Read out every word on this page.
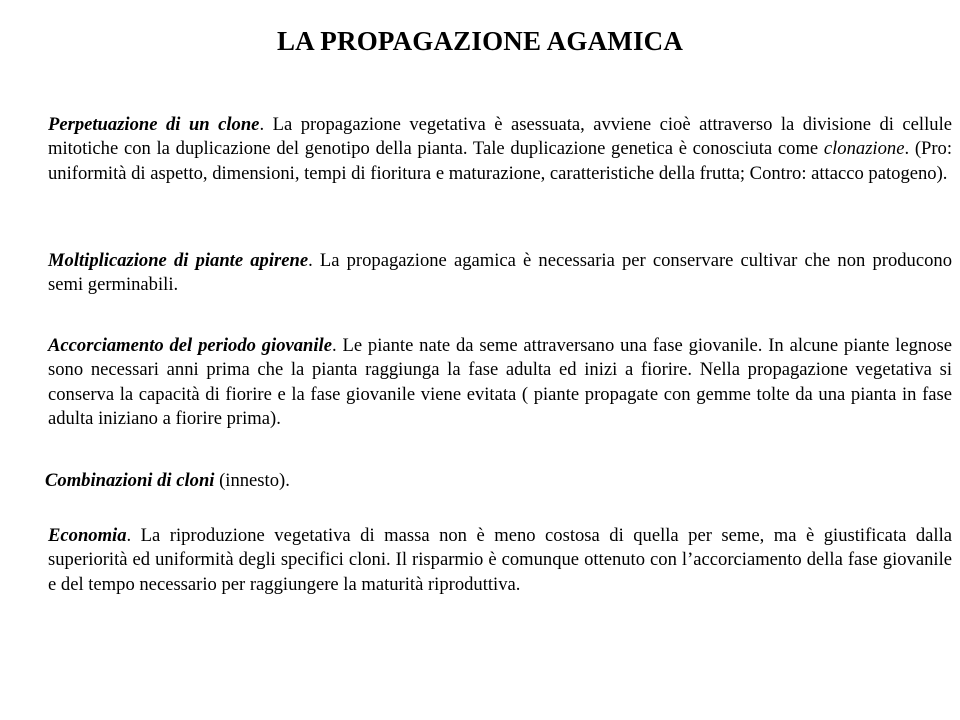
LA PROPAGAZIONE AGAMICA
Perpetuazione di un clone. La propagazione vegetativa è asessuata, avviene cioè attraverso la divisione di cellule mitotiche con la duplicazione del genotipo della pianta. Tale duplicazione genetica è conosciuta come clonazione. (Pro: uniformità di aspetto, dimensioni, tempi di fioritura e maturazione, caratteristiche della frutta; Contro: attacco patogeno).
Moltiplicazione di piante apirene. La propagazione agamica è necessaria per conservare cultivar che non producono semi germinabili.
Accorciamento del periodo giovanile. Le piante nate da seme attraversano una fase giovanile. In alcune piante legnose sono necessari anni prima che la pianta raggiunga la fase adulta ed inizi a fiorire. Nella propagazione vegetativa si conserva la capacità di fiorire e la fase giovanile viene evitata ( piante propagate con gemme tolte da una pianta in fase adulta iniziano a fiorire prima).
Combinazioni di cloni (innesto).
Economia. La riproduzione vegetativa di massa non è meno costosa di quella per seme, ma è giustificata dalla superiorità ed uniformità degli specifici cloni. Il risparmio è comunque ottenuto con l’accorciamento della fase giovanile e del tempo necessario per raggiungere la maturità riproduttiva.
